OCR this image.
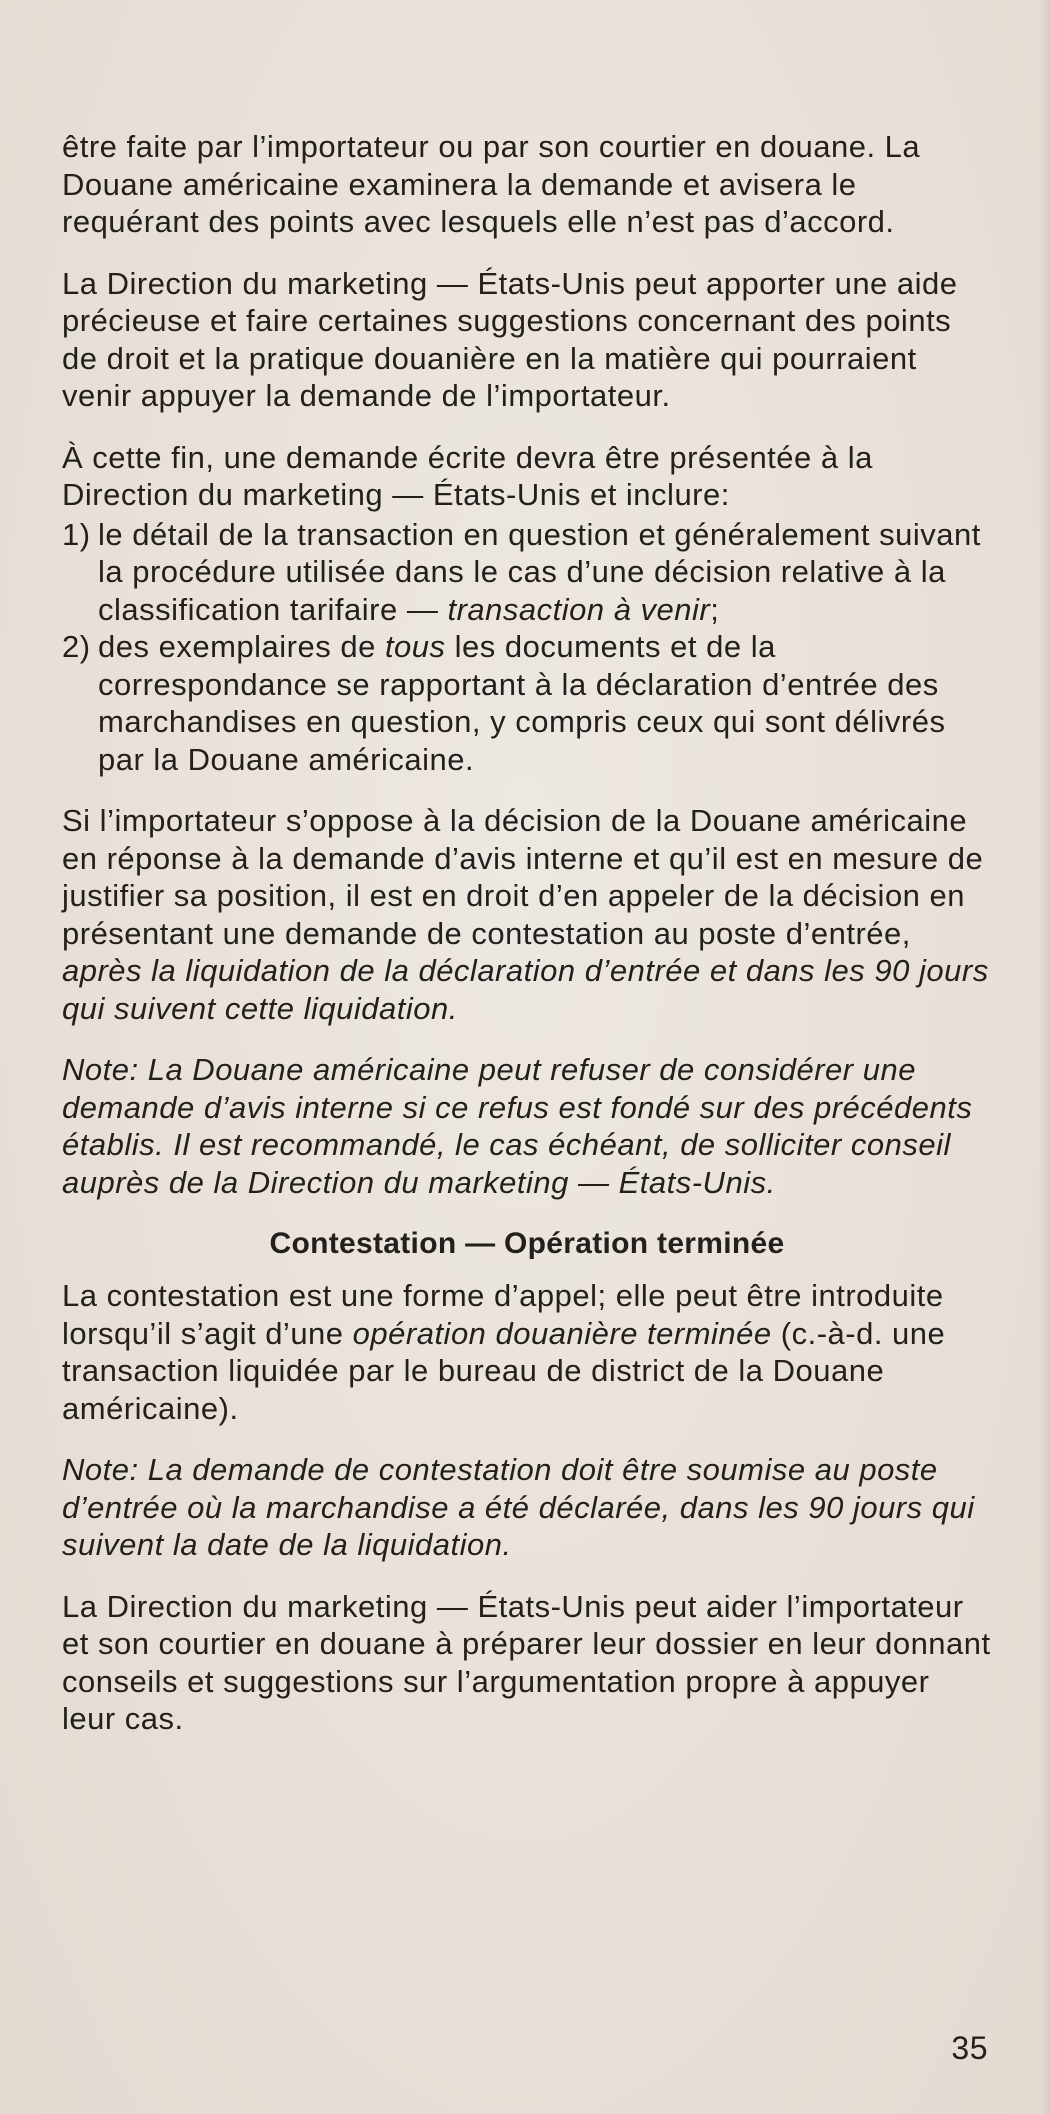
être faite par l’importateur ou par son courtier en douane. La Douane américaine examinera la demande et avisera le requérant des points avec lesquels elle n’est pas d’accord.

La Direction du marketing — États-Unis peut apporter une aide précieuse et faire certaines suggestions concernant des points de droit et la pratique douanière en la matière qui pourraient venir appuyer la demande de l’importateur.

À cette fin, une demande écrite devra être présentée à la Direction du marketing — États-Unis et inclure:

1) le détail de la transaction en question et généralement suivant la procédure utilisée dans le cas d’une décision relative à la classification tarifaire — transaction à venir;
2) des exemplaires de tous les documents et de la correspondance se rapportant à la déclaration d’entrée des marchandises en question, y compris ceux qui sont délivrés par la Douane américaine.

Si l’importateur s’oppose à la décision de la Douane américaine en réponse à la demande d’avis interne et qu’il est en mesure de justifier sa position, il est en droit d’en appeler de la décision en présentant une demande de contestation au poste d’entrée, après la liquidation de la déclaration d’entrée et dans les 90 jours qui suivent cette liquidation.

Note: La Douane américaine peut refuser de considérer une demande d’avis interne si ce refus est fondé sur des précédents établis. Il est recommandé, le cas échéant, de solliciter conseil auprès de la Direction du marketing — États-Unis.

Contestation — Opération terminée

La contestation est une forme d’appel; elle peut être introduite lorsqu’il s’agit d’une opération douanière terminée (c.-à-d. une transaction liquidée par le bureau de district de la Douane américaine).

Note: La demande de contestation doit être soumise au poste d’entrée où la marchandise a été déclarée, dans les 90 jours qui suivent la date de la liquidation.

La Direction du marketing — États-Unis peut aider l’importateur et son courtier en douane à préparer leur dossier en leur donnant conseils et suggestions sur l’argumentation propre à appuyer leur cas.

35
